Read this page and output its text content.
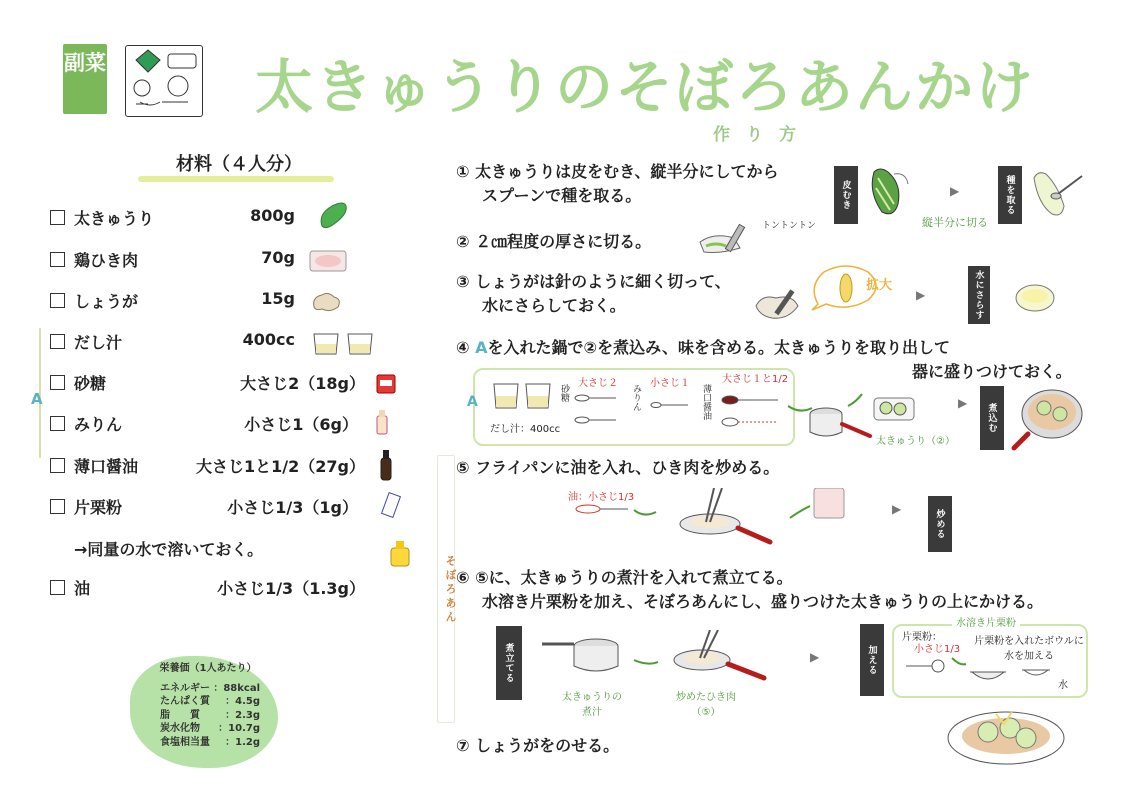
副菜	太きゅうりのそぼろあんかけ
作り方
材料（４人分）
太きゅうり	800g
鶏ひき肉	70g
しょうが	15g
だし汁	400cc
砂糖	大さじ2（18g）
みりん	小さじ1（6g）
薄口醤油	大さじ1と1/2（27g）
片栗粉	小さじ1/3（1g）
→同量の水で溶いておく。
油	小さじ1/3（1.3g）
A
栄養価（1人あたり）
エネルギー ：88kcal
たんぱく質	：4.5g
脂　　質	：2.3g
炭水化物	：10.7g
食塩相当量	：1.2g
そぼろあん
① 太きゅうりは皮をむき、縦半分にしてから
スプーンで種を取る。
② ２㎝程度の厚さに切る。
③ しょうがは針のように細く切って、
水にさらしておく。
④ Aを入れた鍋で②を煮込み、味を含める。太きゅうりを取り出して
器に盛りつけておく。
⑤ フライパンに油を入れ、ひき肉を炒める。
⑥ ⑤に、太きゅうりの煮汁を入れて煮立てる。
水溶き片栗粉を加え、そぼろあんにし、盛りつけた太きゅうりの上にかける。
⑦ しょうがをのせる。
皮むき	▶	種を取る
縦半分に切る
トントントン
拡大
▶	水にさらす
A
だし汁：400cc
砂糖
大さじ２
みりん
小さじ１
薄口醤油
大さじ１と1/2
太きゅうり（②）
▶	煮込む
油：小さじ1/3
▶	炒める
煮立てる
太きゅうりの煮汁
炒めたひき肉（⑤）
▶	加える
水溶き片栗粉
片栗粉：
小さじ1/3
片栗粉を入れたボウルに水を加える
水
